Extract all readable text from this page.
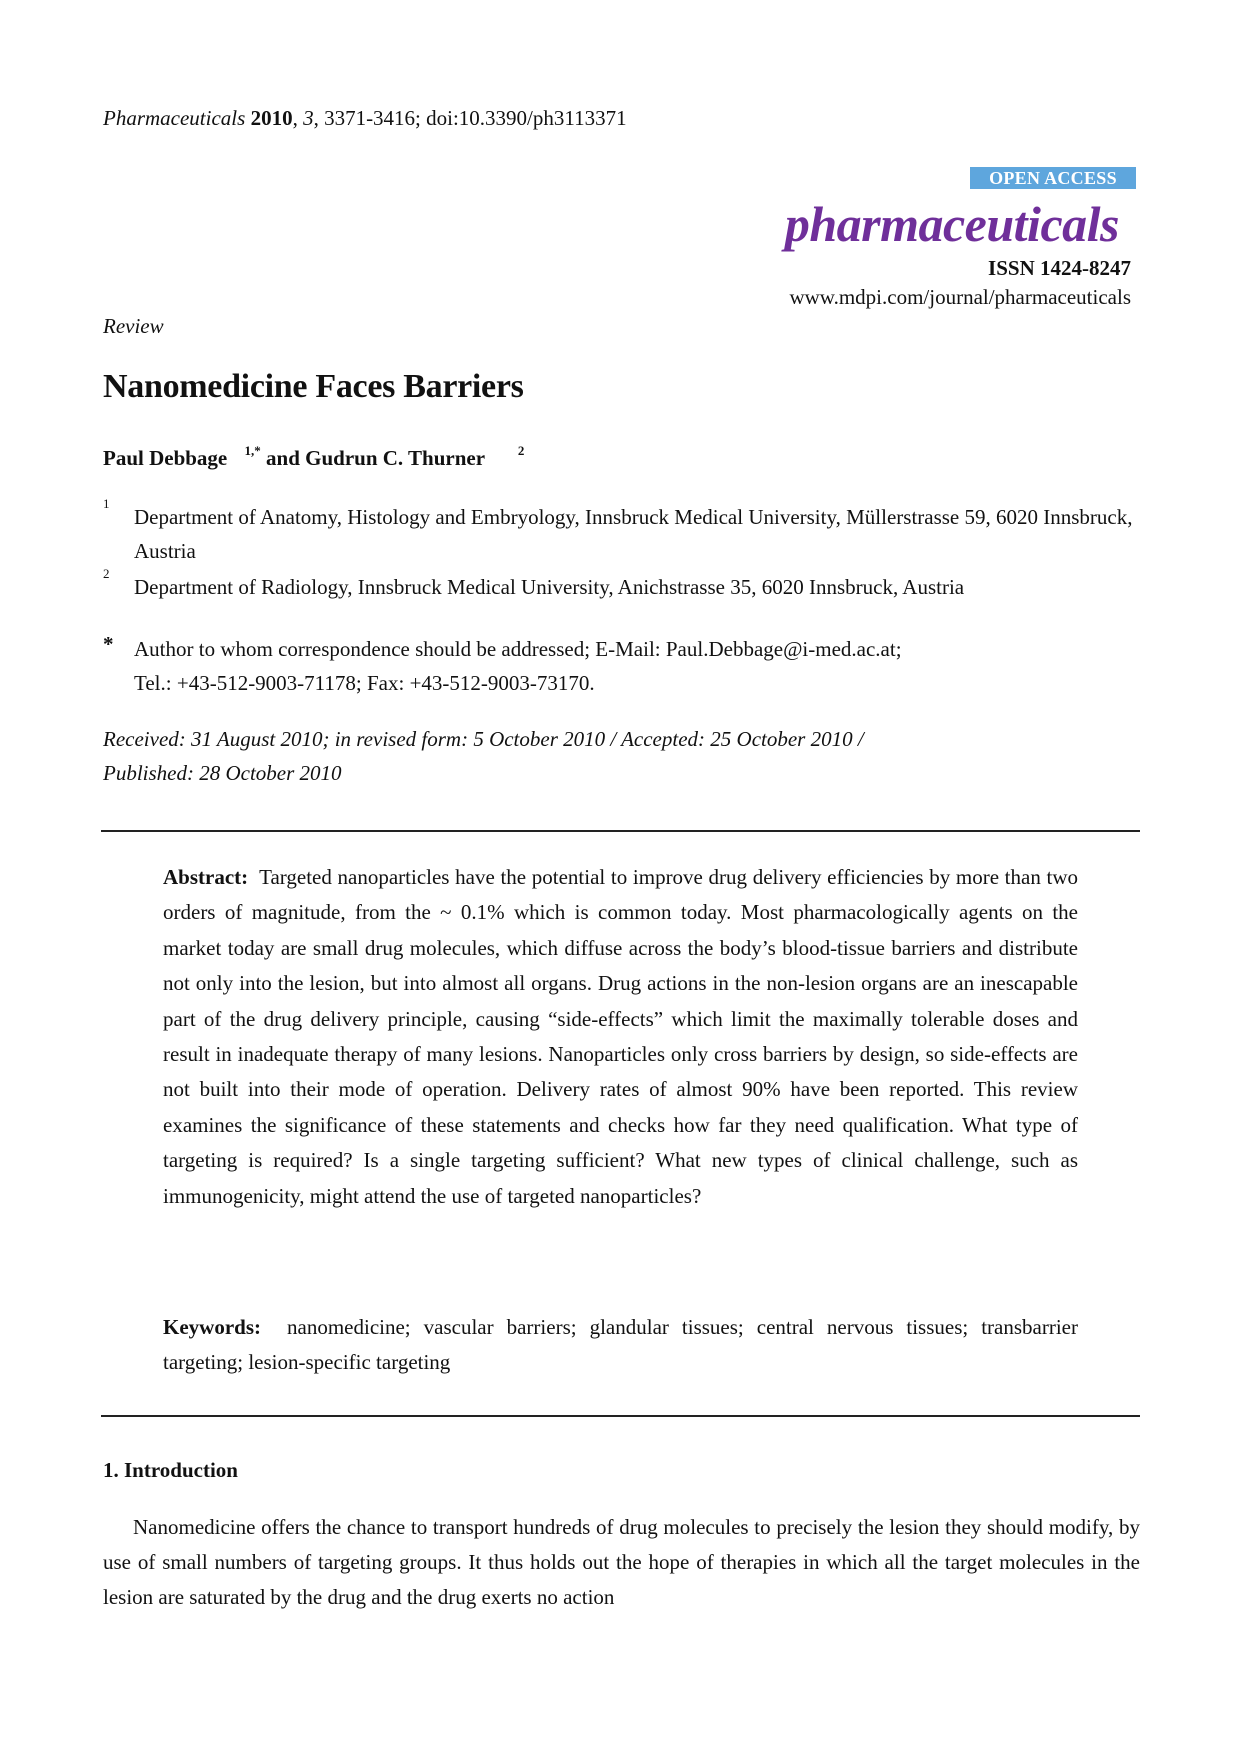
Pharmaceuticals 2010, 3, 3371-3416; doi:10.3390/ph3113371
OPEN ACCESS
pharmaceuticals
ISSN 1424-8247
www.mdpi.com/journal/pharmaceuticals
Review
Nanomedicine Faces Barriers
Paul Debbage $^{1,*}$ and Gudrun C. Thurner	$^2$
1
Department of Anatomy, Histology and Embryology, Innsbruck Medical University, Müllerstrasse 59, 6020 Innsbruck, Austria
2
Department of Radiology, Innsbruck Medical University, Anichstrasse 35, 6020 Innsbruck, Austria
* Author to whom correspondence should be addressed; E-Mail: Paul.Debbage@i-med.ac.at;
Tel.: +43-512-9003-71178; Fax: +43-512-9003-73170.
Received: 31 August 2010; in revised form: 5 October 2010 / Accepted: 25 October 2010 /
Published: 28 October 2010
Abstract: Targeted nanoparticles have the potential to improve drug delivery efficiencies by more than two orders of magnitude, from the ~ 0.1% which is common today. Most pharmacologically agents on the market today are small drug molecules, which diffuse across the body’s blood-tissue barriers and distribute not only into the lesion, but into almost all organs. Drug actions in the non-lesion organs are an inescapable part of the drug delivery principle, causing “side-effects” which limit the maximally tolerable doses and result in inadequate therapy of many lesions. Nanoparticles only cross barriers by design, so side-effects are not built into their mode of operation. Delivery rates of almost 90% have been reported. This review examines the significance of these statements and checks how far they need qualification. What type of targeting is required? Is a single targeting sufficient? What new types of clinical challenge, such as immunogenicity, might attend the use of targeted nanoparticles?
Keywords: nanomedicine; vascular barriers; glandular tissues; central nervous tissues; transbarrier targeting; lesion-specific targeting
1. Introduction
Nanomedicine offers the chance to transport hundreds of drug molecules to precisely the lesion they should modify, by use of small numbers of targeting groups. It thus holds out the hope of therapies in which all the target molecules in the lesion are saturated by the drug and the drug exerts no action
